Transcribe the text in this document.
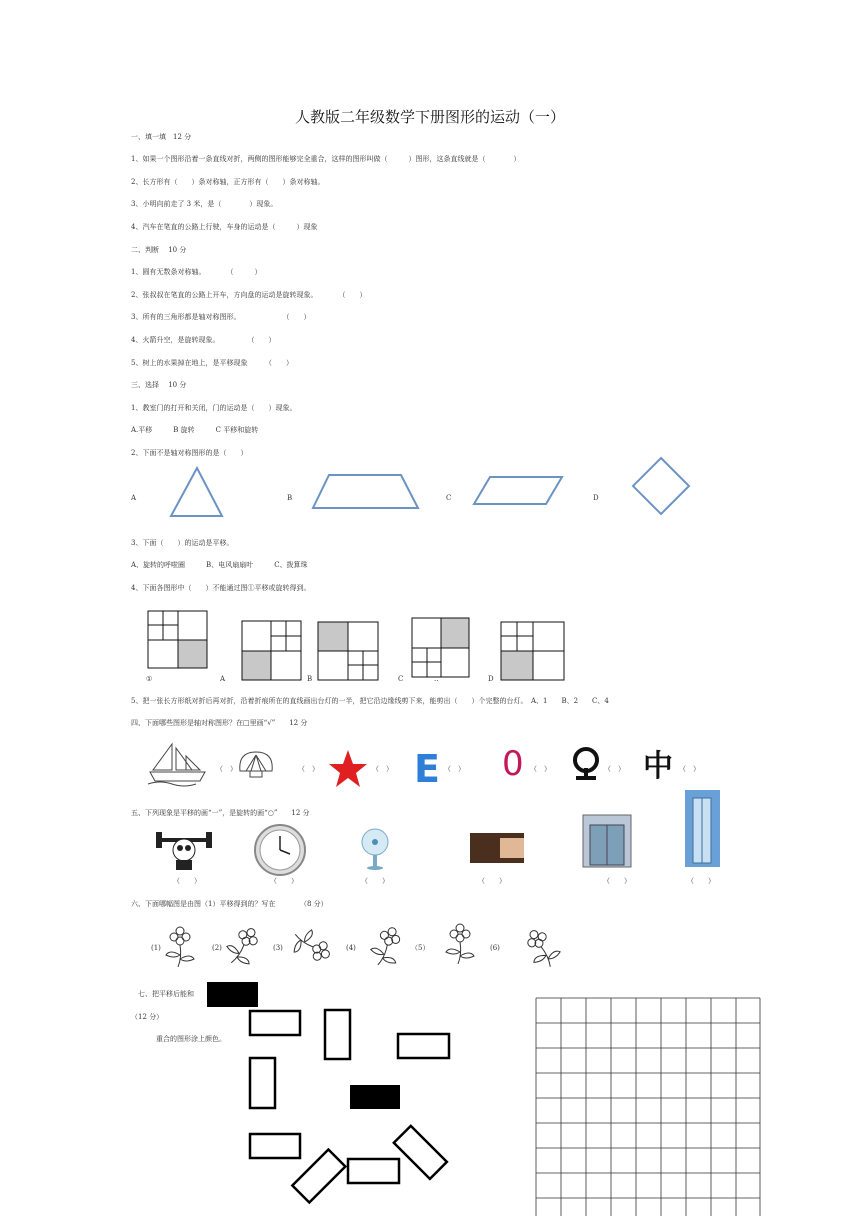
人教版二年级数学下册图形的运动（一）
一、填一填　12 分
1、如果一个图形沿着一条直线对折，两侧的图形能够完全重合，这样的图形叫做（　　　）图形，这条直线就是（　　　　）
2、长方形有（　　）条对称轴，正方形有（　　）条对称轴。
3、小明向前走了 3 米，是（　　　　）现象。
4、汽车在笔直的公路上行驶，车身的运动是（　　　）现象
二、判断　 10 分
1、圆有无数条对称轴。　　　　（　　　）
2、张叔叔在笔直的公路上开车，方向盘的运动是旋转现象。　　　　（　　）
3、所有的三角形都是轴对称图形。　　　　　　　（　　）
4、火箭升空，是旋转现象。　　　　　（　　）
5、树上的水果掉在地上，是平移现象　　　（　　）
三、选择　 10 分
1、教室门的打开和关闭，门的运动是（　　）现象。
A.平移　　　B 旋转　　　C 平移和旋转
2、下面不是轴对称图形的是（　　）
A	B	C	D
3、下面（　　）的运动是平移。
A、旋转的呼啦圈　　　B、电风扇扇叶　　　C、拨算珠
4、下面各图形中（　　）不能通过图①平移或旋转得到。
①	A	B	C	..	D
5、把一张长方形纸对折后再对折，沿着折痕所在的直线画出台灯的一半，把它沿边缘线剪下来，能剪出（　　）个完整的台灯。　A、1　　B、2　　C、4
四、下面哪些图形是轴对称图形？在□里画“√”　　12 分
（　）	（　）	（　） E （　） 0 （　）	（　） 中 （　）
五、下列现象是平移的画“一”，是旋转的画“○”　　12 分
（　　）	（　　）	（　　）	（　　）	（　　）	（　　）
六、下面哪幅图是由图（1）平移得到的？写在　　　　（8 分）
(1)	(2)	(3)	(4)	（5）	(6)
七、把平移后能和
（12 分）
重合的图形涂上颜色。
